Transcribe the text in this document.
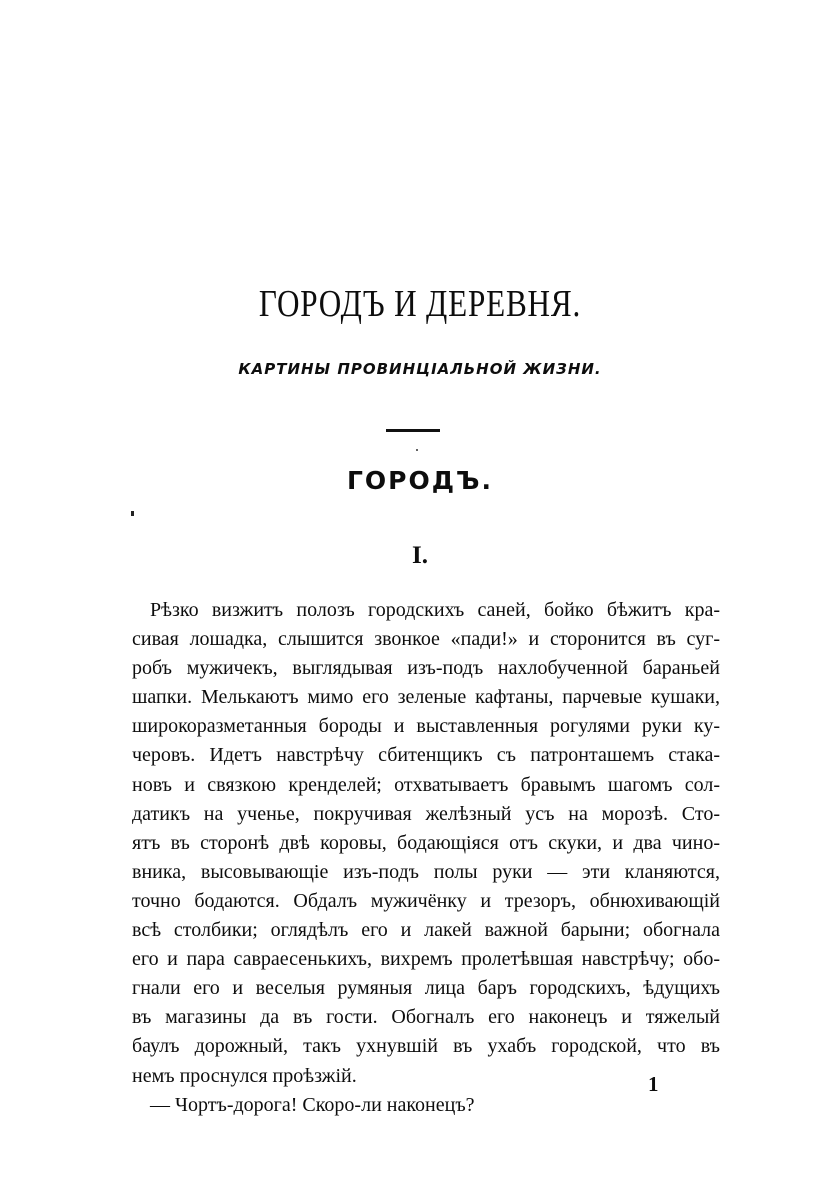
ГОРОДЪ И ДЕРЕВНЯ.
КАРТИНЫ ПРОВИНЦІАЛЬНОЙ ЖИЗНИ.
ГОРОДЪ.
I.
Рѣзко визжитъ полозъ городскихъ саней, бойко бѣжитъ кра-
сивая лошадка, слышится звонкое «пади!» и сторонится въ суг-
робъ мужичекъ, выглядывая изъ-подъ нахлобученной бараньей
шапки. Мелькаютъ мимо его зеленые кафтаны, парчевые кушаки,
широкоразметанныя бороды и выставленныя рогулями руки ку-
черовъ. Идетъ навстрѣчу сбитенщикъ съ патронташемъ стака-
новъ и связкою кренделей; отхватываетъ бравымъ шагомъ сол-
датикъ на ученье, покручивая желѣзный усъ на морозѣ. Сто-
ятъ въ сторонѣ двѣ коровы, бодающіяся отъ скуки, и два чино-
вника, высовывающіе изъ-подъ полы руки — эти кланяются,
точно бодаются. Обдалъ мужичёнку и трезоръ, обнюхивающій
всѣ столбики; оглядѣлъ его и лакей важной барыни; обогнала
его и пара савраесенькихъ, вихремъ пролетѣвшая навстрѣчу; обо-
гнали его и веселыя румяныя лица баръ городскихъ, ѣдущихъ
въ магазины да въ гости. Обогналъ его наконецъ и тяжелый
баулъ дорожный, такъ ухнувшій въ ухабъ городской, что въ
немъ проснулся проѣзжій.
— Чортъ-дорога! Скоро-ли наконецъ?
1
